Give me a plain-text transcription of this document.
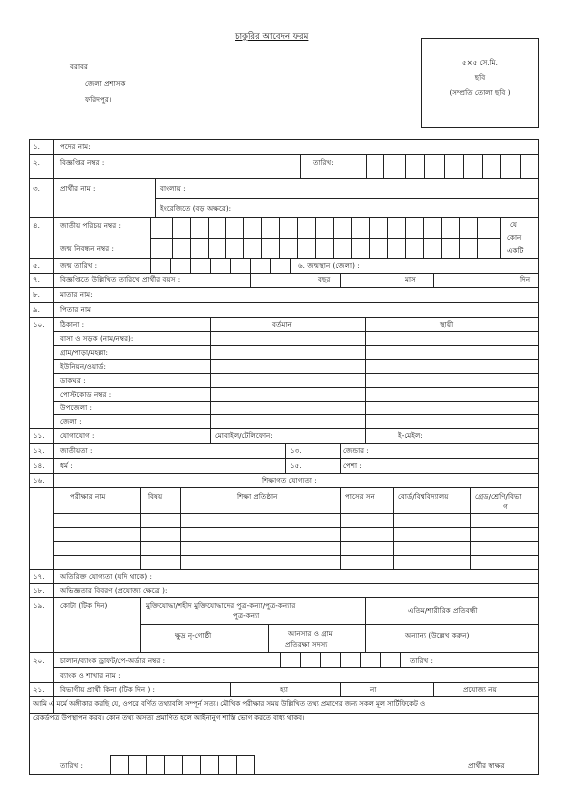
চাকুরির আবেদন ফরম
বরাবর
জেলা প্রশাসক
ফরিদপুর।
৫×৫ সে.মি.
ছবি
(সম্প্রতি তোলা ছবি )
১.	পদের নাম:
২.	বিজ্ঞপ্তির নম্বর :	তারিখ:
৩.	প্রার্থীর নাম :	বাংলায় :
ইংরেজিতে (বড় অক্ষরে):
৪.	জাতীয় পরিচয় নম্বর :
জন্ম নিবন্ধন নম্বর :
যে
কোন
একটি
৫.	জন্ম তারিখ :	৬. জন্মস্থান (জেলা) :
৭.	বিজ্ঞপ্তিতে উল্লিখিত তারিখে প্রার্থীর বয়স :	বছর	মাস	দিন
৮.	মাতার নাম:
৯.	পিতার নাম
১০. ঠিকানা :	বর্তমান	স্থায়ী
বাসা ও সড়ক (নাম/নম্বর):
গ্রাম/পাড়া/মহল্লা:
ইউনিয়ন/ওয়ার্ড:
ডাকঘর :
পোস্টকোড নম্বর :
উপজেলা :
জেলা :
১১. যোগাযোগ :	মোবাইল/টেলিফোন:	ই-মেইল:
১২. জাতীয়তা :	১৩.	জেন্ডার :
১৪. ধর্ম :	১৫.	পেশা :
১৬.	শিক্ষাগত যোগ্যতা :
পরীক্ষার নাম	বিষয়	শিক্ষা প্রতিষ্ঠান	পাসের সন	বোর্ড/বিশ্ববিদ্যালয়	গ্রেড/শ্রেণি/বিভা
গ
১৭. অতিরিক্ত যোগ্যতা (যদি থাকে) :
১৮. অভিজ্ঞতার বিবরণ (প্রযোজ্য ক্ষেত্রে ):
১৯. কোটা (টিক দিন)	মুক্তিযোদ্ধা/শহীদ মুক্তিযোদ্ধাদের পুত্র-কন্যা/পুত্র-কন্যার
পুত্র-কন্যা
এতিম/শারীরিক প্রতিবন্ধী
ক্ষুদ্র নৃ-গোষ্ঠী	আনসার ও গ্রাম
প্রতিরক্ষা সদস্য
অন্যান্য (উল্লেখ করুন)
২০. চালান/ব্যাংক ড্রাফট/পে-অর্ডার নম্বর :	তারিখ :
ব্যাংক ও শাখার নাম :
২১. বিভাগীয় প্রার্থী কিনা (টিক দিন ) :	হ্যা	না	প্রযোজ্য নয়
আমি এ মর্মে অঙ্গীকার করছি যে, ওপরে বর্ণিত তথ্যাবলি সম্পূর্ন সত্য। মৌখিক পরীক্ষার সময় উল্লিখিত তথ্য প্রমাণের জন্য সকল মূল সার্টিফিকেট ও
রেকর্ডপত্র উপস্থাপন করব। কোন তথ্য অসত্য প্রমাণিত হলে আইনানুগ শাস্তি ভোগ করতে বাধ্য থাকব।
তারিখ :	প্রার্থীর স্বাক্ষর
